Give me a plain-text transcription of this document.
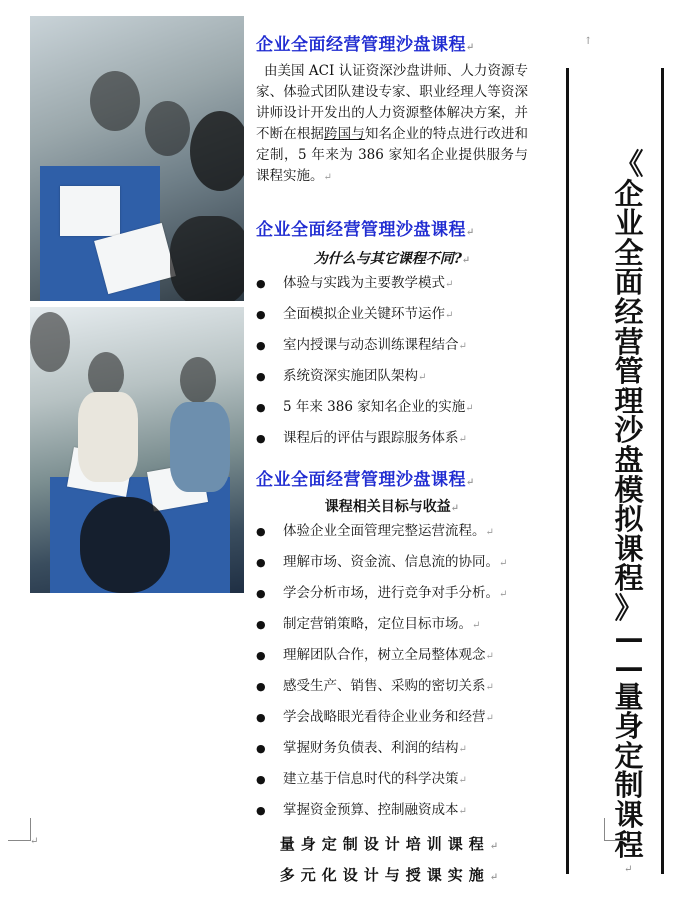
企业全面经营管理沙盘课程↵
由美国 ACI 认证资深沙盘讲师、人力资源专家、体验式团队建设专家、职业经理人等资深讲师设计开发出的人力资源整体解决方案，并不断在根据跨国与知名企业的特点进行改进和定制，5 年来为 386 家知名企业提供服务与课程实施。↵
企业全面经营管理沙盘课程↵
为什么与其它课程不同?↵
● 体验与实践为主要教学模式↵
● 全面模拟企业关键环节运作↵
● 室内授课与动态训练课程结合↵
● 系统资深实施团队架构↵
● 5 年来 386 家知名企业的实施↵
● 课程后的评估与跟踪服务体系↵
企业全面经营管理沙盘课程↵
课程相关目标与收益↵
● 体验企业全面管理完整运营流程。↵
● 理解市场、资金流、信息流的协同。↵
● 学会分析市场，进行竞争对手分析。↵
● 制定营销策略，定位目标市场。↵
● 理解团队合作，树立全局整体观念↵
● 感受生产、销售、采购的密切关系↵
● 学会战略眼光看待企业业务和经营↵
● 掌握财务负债表、利润的结构↵
● 建立基于信息时代的科学决策↵
● 掌握资金预算、控制融资成本↵
量身定制设计培训课程↵
多元化设计与授课实施↵
↑
《
企
业
全
面
经
营
管
理
沙
盘
模
拟
课
程
》
—
—
量
身
定
制
课
程
↵
↵
